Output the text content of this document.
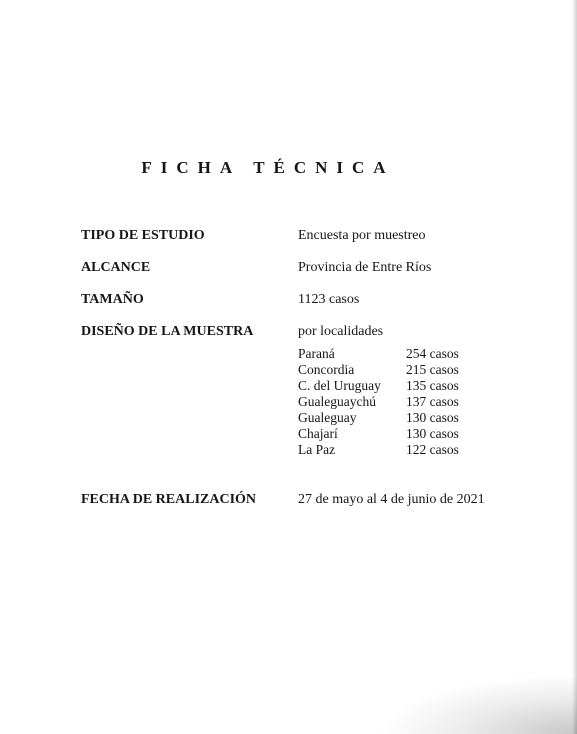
FICHA TÉCNICA
TIPO DE ESTUDIO	Encuesta por muestreo
ALCANCE	Provincia de Entre Ríos
TAMAÑO	1123 casos
DISEÑO DE LA MUESTRA	por localidades
Paraná	254 casos
Concordia	215 casos
C. del Uruguay 135 casos
Gualeguaychú 137 casos
Gualeguay	130 casos
Chajarí	130 casos
La Paz	122 casos
FECHA DE REALIZACIÓN	27 de mayo al 4 de junio de 2021
